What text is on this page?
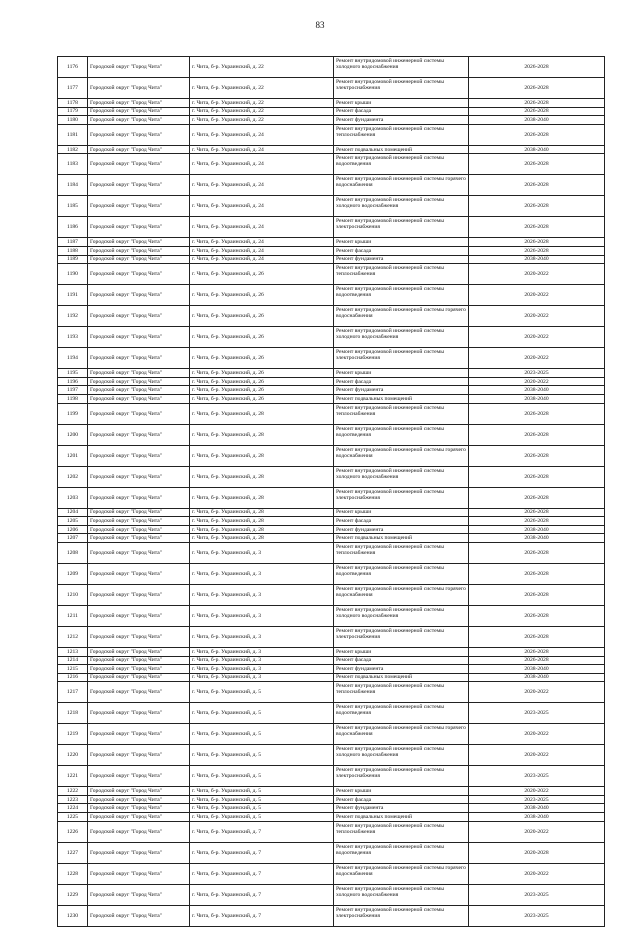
83
1176	Городской округ "Город Чита"	г. Чита, б-р. Украинский, д. 22	Ремонт внутридомовой инженерной системы холодного водоснабжения	2026-2028
1177	Городской округ "Город Чита"	г. Чита, б-р. Украинский, д. 22	Ремонт внутридомовой инженерной системы электроснабжения	2026-2028
1178	Городской округ "Город Чита"	г. Чита, б-р. Украинский, д. 22	Ремонт крыши	2026-2028
1179	Городской округ "Город Чита"	г. Чита, б-р. Украинский, д. 22	Ремонт фасада	2026-2028
1180	Городской округ "Город Чита"	г. Чита, б-р. Украинский, д. 22	Ремонт фундамента	2038-2040
1181	Городской округ "Город Чита"	г. Чита, б-р. Украинский, д. 24	Ремонт внутридомовой инженерной системы теплоснабжения	2026-2028
1182	Городской округ "Город Чита"	г. Чита, б-р. Украинский, д. 24	Ремонт подвальных помещений	2038-2040
1183	Городской округ "Город Чита"	г. Чита, б-р. Украинский, д. 24	Ремонт внутридомовой инженерной системы водоотведения	2026-2028
1184	Городской округ "Город Чита"	г. Чита, б-р. Украинский, д. 24	Ремонт внутридомовой инженерной системы горячего водоснабжения	2026-2028
1185	Городской округ "Город Чита"	г. Чита, б-р. Украинский, д. 24	Ремонт внутридомовой инженерной системы холодного водоснабжения	2026-2028
1186	Городской округ "Город Чита"	г. Чита, б-р. Украинский, д. 24	Ремонт внутридомовой инженерной системы электроснабжения	2026-2028
1187	Городской округ "Город Чита"	г. Чита, б-р. Украинский, д. 24	Ремонт крыши	2026-2028
1188	Городской округ "Город Чита"	г. Чита, б-р. Украинский, д. 24	Ремонт фасада	2026-2028
1189	Городской округ "Город Чита"	г. Чита, б-р. Украинский, д. 24	Ремонт фундамента	2038-2040
1190	Городской округ "Город Чита"	г. Чита, б-р. Украинский, д. 26	Ремонт внутридомовой инженерной системы теплоснабжения	2020-2022
1191	Городской округ "Город Чита"	г. Чита, б-р. Украинский, д. 26	Ремонт внутридомовой инженерной системы водоотведения	2020-2022
1192	Городской округ "Город Чита"	г. Чита, б-р. Украинский, д. 26	Ремонт внутридомовой инженерной системы горячего водоснабжения	2020-2022
1193	Городской округ "Город Чита"	г. Чита, б-р. Украинский, д. 26	Ремонт внутридомовой инженерной системы холодного водоснабжения	2020-2022
1194	Городской округ "Город Чита"	г. Чита, б-р. Украинский, д. 26	Ремонт внутридомовой инженерной системы электроснабжения	2020-2022
1195	Городской округ "Город Чита"	г. Чита, б-р. Украинский, д. 26	Ремонт крыши	2023-2025
1196	Городской округ "Город Чита"	г. Чита, б-р. Украинский, д. 26	Ремонт фасада	2020-2022
1197	Городской округ "Город Чита"	г. Чита, б-р. Украинский, д. 26	Ремонт фундамента	2038-2040
1198	Городской округ "Город Чита"	г. Чита, б-р. Украинский, д. 26	Ремонт подвальных помещений	2038-2040
1199	Городской округ "Город Чита"	г. Чита, б-р. Украинский, д. 28	Ремонт внутридомовой инженерной системы теплоснабжения	2026-2028
1200	Городской округ "Город Чита"	г. Чита, б-р. Украинский, д. 28	Ремонт внутридомовой инженерной системы водоотведения	2026-2028
1201	Городской округ "Город Чита"	г. Чита, б-р. Украинский, д. 28	Ремонт внутридомовой инженерной системы горячего водоснабжения	2026-2028
1202	Городской округ "Город Чита"	г. Чита, б-р. Украинский, д. 28	Ремонт внутридомовой инженерной системы холодного водоснабжения	2026-2028
1203	Городской округ "Город Чита"	г. Чита, б-р. Украинский, д. 28	Ремонт внутридомовой инженерной системы электроснабжения	2026-2028
1204	Городской округ "Город Чита"	г. Чита, б-р. Украинский, д. 28	Ремонт крыши	2026-2028
1205	Городской округ "Город Чита"	г. Чита, б-р. Украинский, д. 28	Ремонт фасада	2026-2028
1206	Городской округ "Город Чита"	г. Чита, б-р. Украинский, д. 28	Ремонт фундамента	2038-2040
1207	Городской округ "Город Чита"	г. Чита, б-р. Украинский, д. 28	Ремонт подвальных помещений	2038-2040
1208	Городской округ "Город Чита"	г. Чита, б-р. Украинский, д. 3	Ремонт внутридомовой инженерной системы теплоснабжения	2026-2028
1209	Городской округ "Город Чита"	г. Чита, б-р. Украинский, д. 3	Ремонт внутридомовой инженерной системы водоотведения	2026-2028
1210	Городской округ "Город Чита"	г. Чита, б-р. Украинский, д. 3	Ремонт внутридомовой инженерной системы горячего водоснабжения	2026-2028
1211	Городской округ "Город Чита"	г. Чита, б-р. Украинский, д. 3	Ремонт внутридомовой инженерной системы холодного водоснабжения	2026-2028
1212	Городской округ "Город Чита"	г. Чита, б-р. Украинский, д. 3	Ремонт внутридомовой инженерной системы электроснабжения	2026-2028
1213	Городской округ "Город Чита"	г. Чита, б-р. Украинский, д. 3	Ремонт крыши	2026-2028
1214	Городской округ "Город Чита"	г. Чита, б-р. Украинский, д. 3	Ремонт фасада	2026-2028
1215	Городской округ "Город Чита"	г. Чита, б-р. Украинский, д. 3	Ремонт фундамента	2038-2040
1216	Городской округ "Город Чита"	г. Чита, б-р. Украинский, д. 3	Ремонт подвальных помещений	2038-2040
1217	Городской округ "Город Чита"	г. Чита, б-р. Украинский, д. 5	Ремонт внутридомовой инженерной системы теплоснабжения	2020-2022
1218	Городской округ "Город Чита"	г. Чита, б-р. Украинский, д. 5	Ремонт внутридомовой инженерной системы водоотведения	2023-2025
1219	Городской округ "Город Чита"	г. Чита, б-р. Украинский, д. 5	Ремонт внутридомовой инженерной системы горячего водоснабжения	2020-2022
1220	Городской округ "Город Чита"	г. Чита, б-р. Украинский, д. 5	Ремонт внутридомовой инженерной системы холодного водоснабжения	2020-2022
1221	Городской округ "Город Чита"	г. Чита, б-р. Украинский, д. 5	Ремонт внутридомовой инженерной системы электроснабжения	2023-2025
1222	Городской округ "Город Чита"	г. Чита, б-р. Украинский, д. 5	Ремонт крыши	2020-2022
1223	Городской округ "Город Чита"	г. Чита, б-р. Украинский, д. 5	Ремонт фасада	2023-2025
1224	Городской округ "Город Чита"	г. Чита, б-р. Украинский, д. 5	Ремонт фундамента	2038-2040
1225	Городской округ "Город Чита"	г. Чита, б-р. Украинский, д. 5	Ремонт подвальных помещений	2038-2040
1226	Городской округ "Город Чита"	г. Чита, б-р. Украинский, д. 7	Ремонт внутридомовой инженерной системы теплоснабжения	2020-2022
1227	Городской округ "Город Чита"	г. Чита, б-р. Украинский, д. 7	Ремонт внутридомовой инженерной системы водоотведения	2020-2028
1228	Городской округ "Город Чита"	г. Чита, б-р. Украинский, д. 7	Ремонт внутридомовой инженерной системы горячего водоснабжения	2020-2022
1229	Городской округ "Город Чита"	г. Чита, б-р. Украинский, д. 7	Ремонт внутридомовой инженерной системы холодного водоснабжения	2023-2025
1230	Городской округ "Город Чита"	г. Чита, б-р. Украинский, д. 7	Ремонт внутридомовой инженерной системы электроснабжения	2023-2025
